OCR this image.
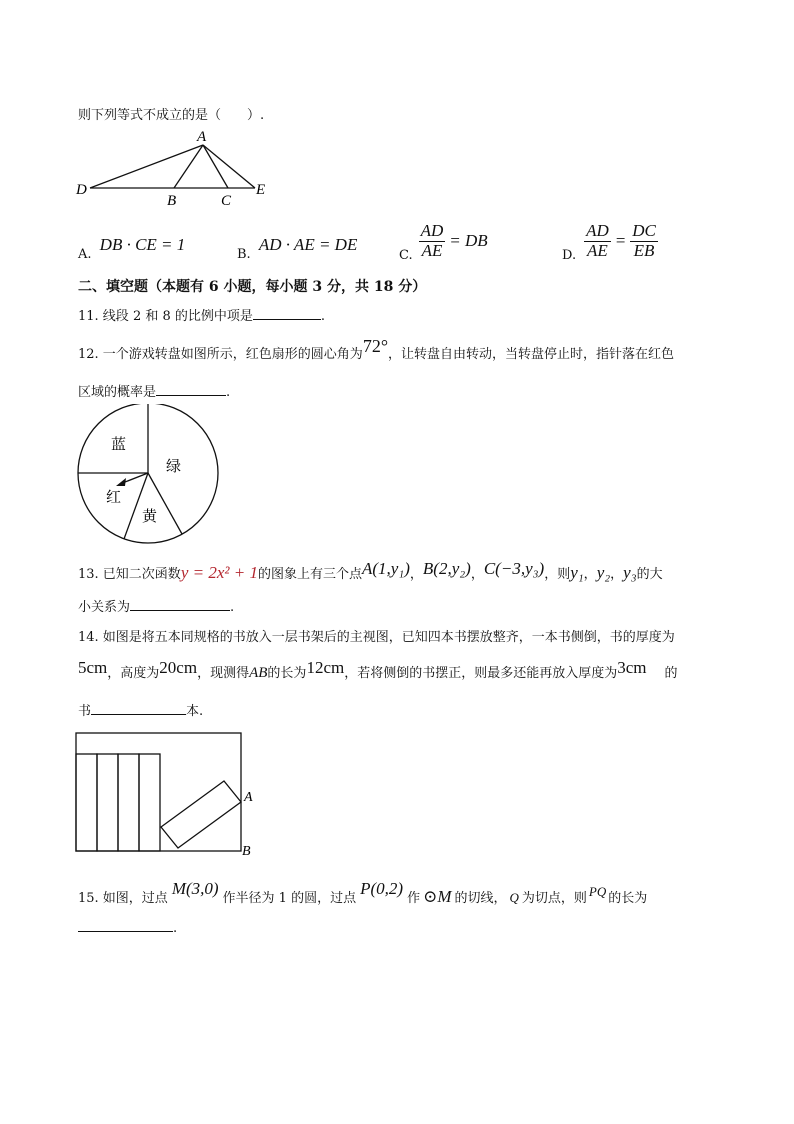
则下列等式不成立的是（　　）.
A
D
B	C
E
A. DB · CE = 1
B. AD · AE = DE
C. $\frac{AD}{AE}$ = DB
D. $\frac{AD}{AE} = \frac{DC}{EB}$
二、填空题（本题有 6 小题，每小题 3 分，共 18 分）
11. 线段 2 和 8 的比例中项是	.
12. 一个游戏转盘如图所示，红色扇形的圆心角为72°，让转盘自由转动，当转盘停止时，指针落在红色
区域的概率是	.
蓝
绿
红
黄
13. 已知二次函数y = 2x² + 1的图象上有三个点A(1,y₁)，B(2,y₂)，C(−3,y₃)，则y₁，y₂，y₃的大
小关系为	.
14. 如图是将五本同规格的书放入一层书架后的主视图，已知四本书摆放整齐，一本书侧倒，书的厚度为
5cm，高度为20cm，现测得AB的长为12cm，若将侧倒的书摆正，则最多还能再放入厚度为3cm 的
书	本.
A
B
15. 如图，过点M(3,0)作半径为 1 的圆，过点P(0,2)作 ⊙M 的切线， Q 为切点，则 PQ 的长为
.
